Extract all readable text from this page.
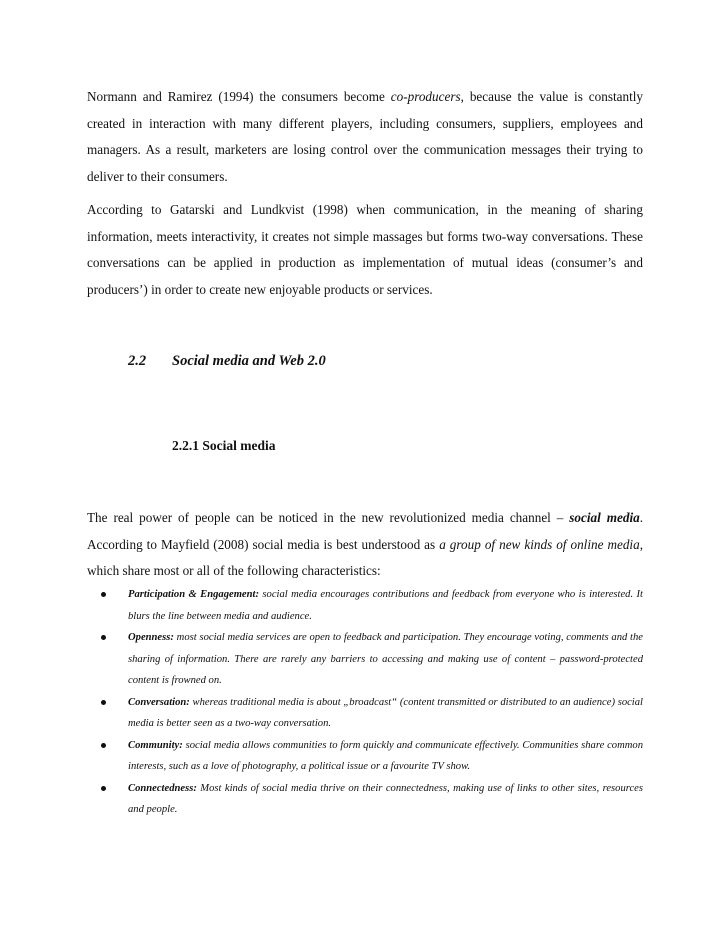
Normann and Ramirez (1994) the consumers become co-producers, because the value is constantly created in interaction with many different players, including consumers, suppliers, employees and managers. As a result, marketers are losing control over the communication messages their trying to deliver to their consumers.

According to Gatarski and Lundkvist (1998) when communication, in the meaning of sharing information, meets interactivity, it creates not simple massages but forms two-way conversations. These conversations can be applied in production as implementation of mutual ideas (consumer’s and producers’) in order to create new enjoyable products or services.

2.2 Social media and Web 2.0
2.2.1 Social media

The real power of people can be noticed in the new revolutionized media channel – social media. According to Mayfield (2008) social media is best understood as a group of new kinds of online media, which share most or all of the following characteristics:

Participation & Engagement: social media encourages contributions and feedback from everyone who is interested. It blurs the line between media and audience.
Openness: most social media services are open to feedback and participation. They encourage voting, comments and the sharing of information. There are rarely any barriers to accessing and making use of content – password-protected content is frowned on.
Conversation: whereas traditional media is about „broadcast“ (content transmitted or distributed to an audience) social media is better seen as a two-way conversation.
Community: social media allows communities to form quickly and communicate effectively. Communities share common interests, such as a love of photography, a political issue or a favourite TV show.
Connectedness: Most kinds of social media thrive on their connectedness, making use of links to other sites, resources and people.
